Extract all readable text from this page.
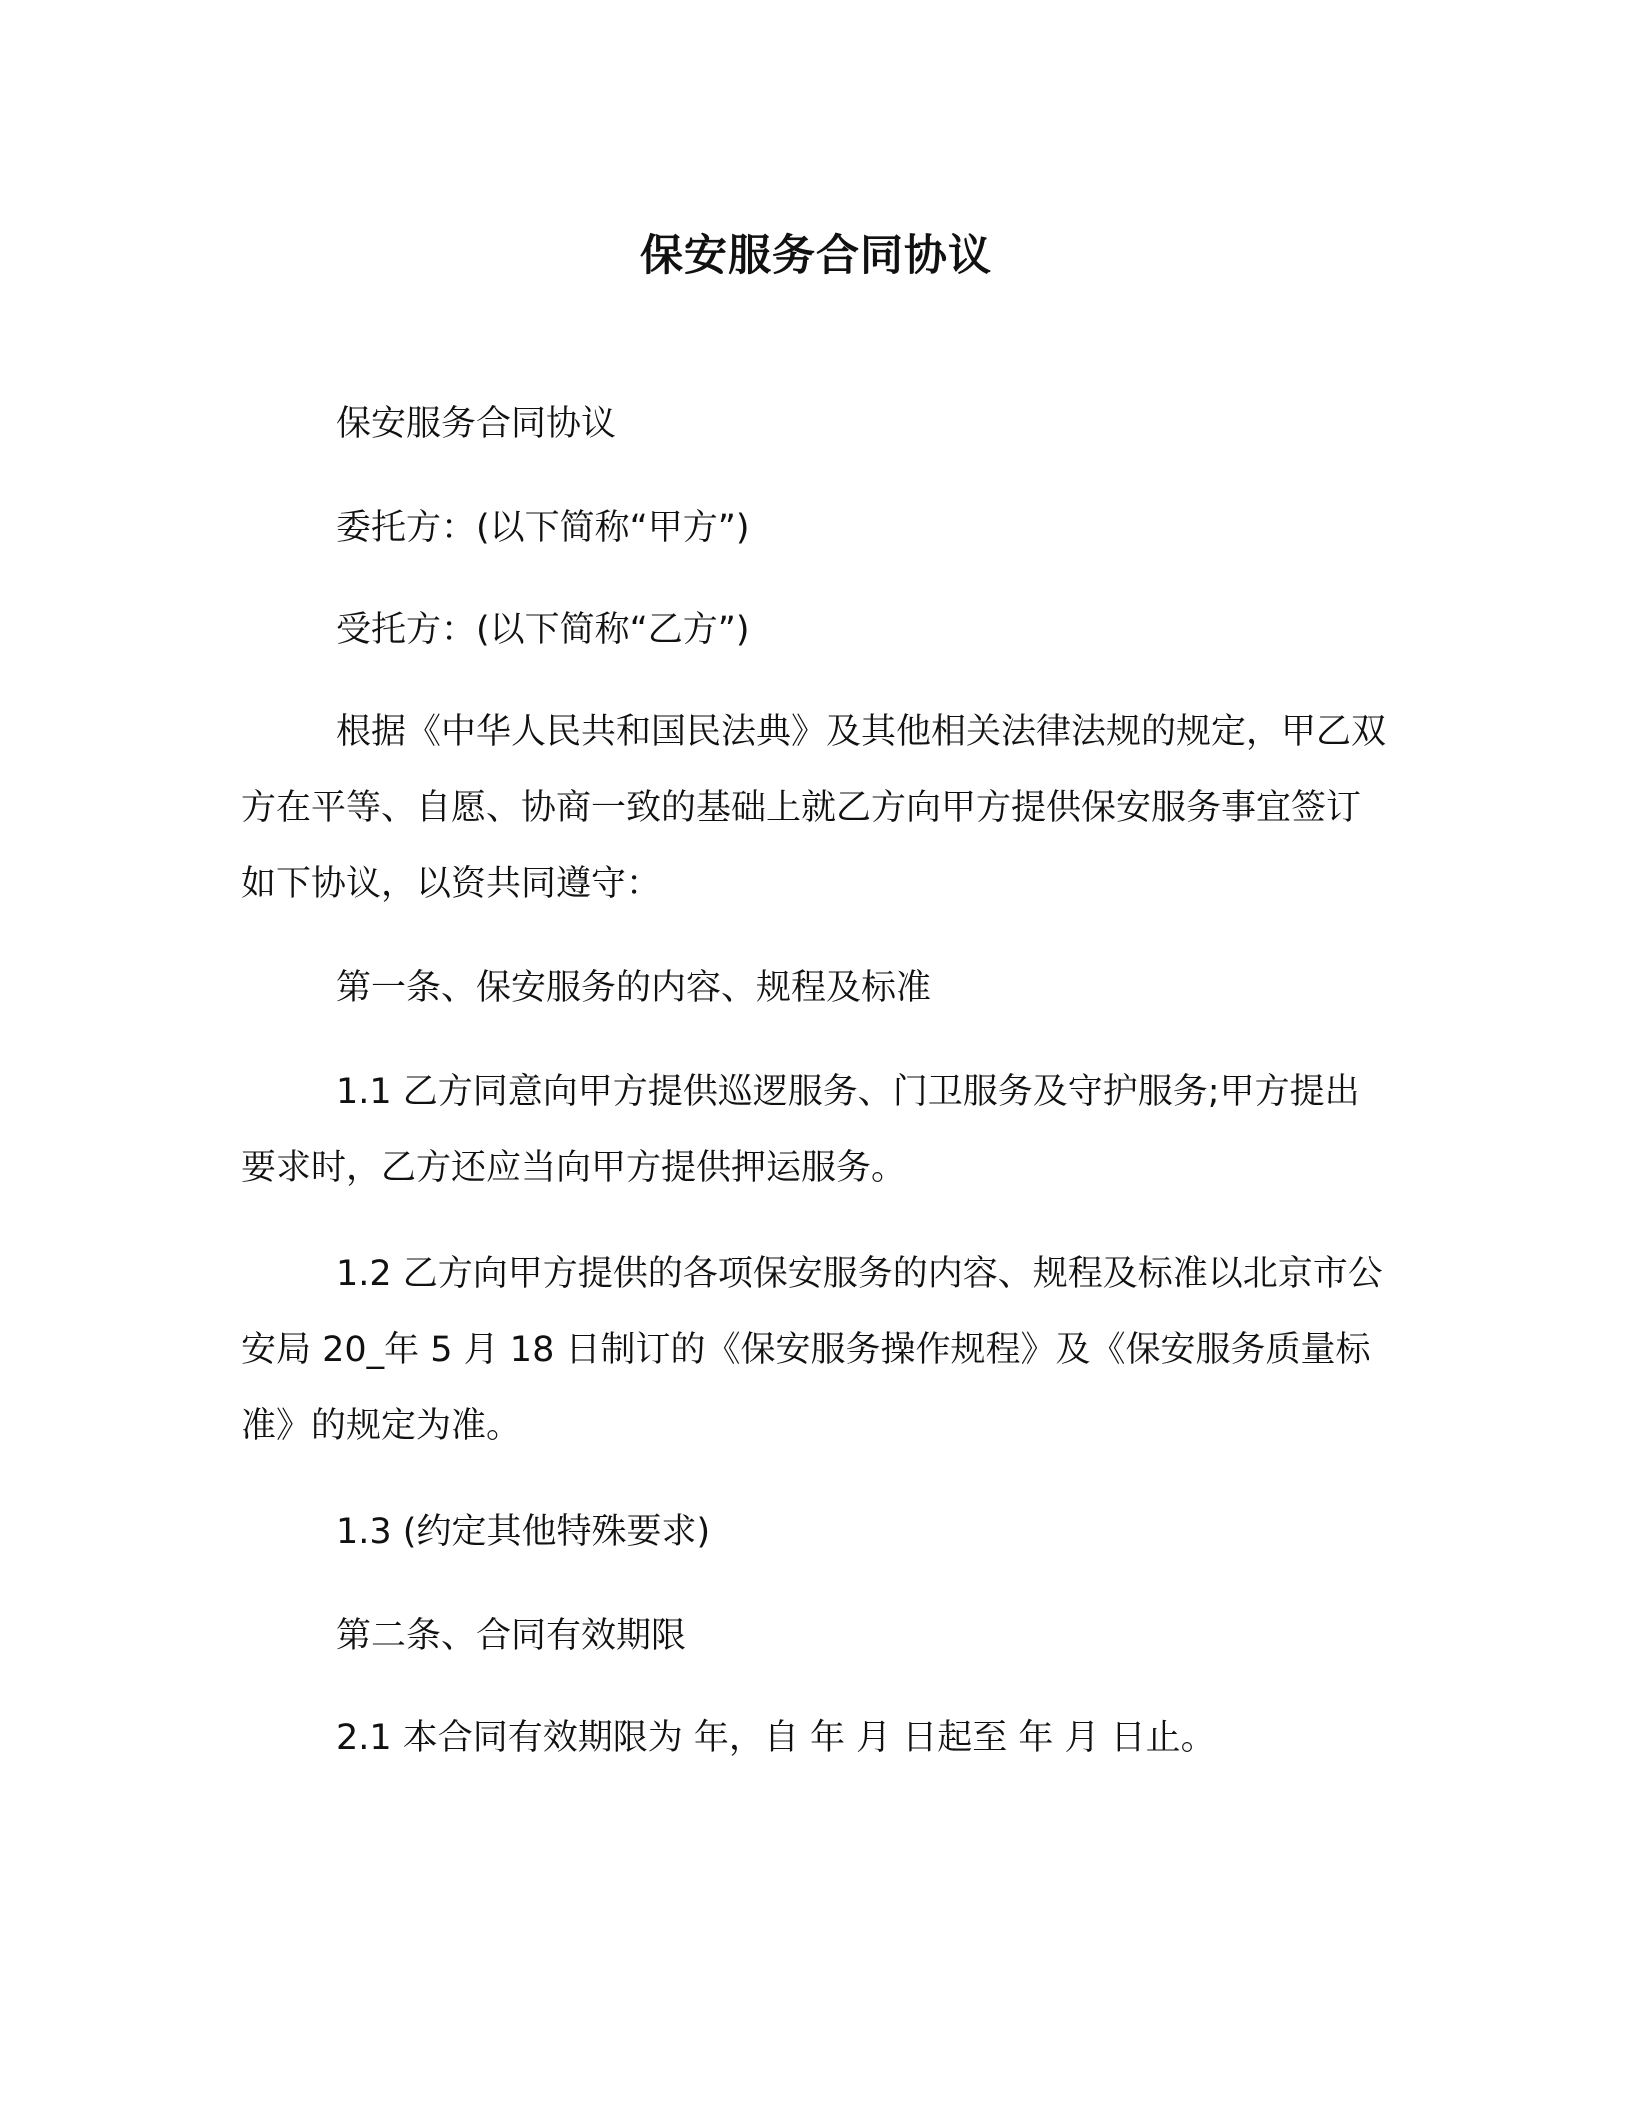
保安服务合同协议

保安服务合同协议

委托方：(以下简称“甲方”)

受托方：(以下简称“乙方”)

根据《中华人民共和国民法典》及其他相关法律法规的规定，甲乙双方在平等、自愿、协商一致的基础上就乙方向甲方提供保安服务事宜签订如下协议，以资共同遵守：

第一条、保安服务的内容、规程及标准

1.1 乙方同意向甲方提供巡逻服务、门卫服务及守护服务;甲方提出要求时，乙方还应当向甲方提供押运服务。

1.2 乙方向甲方提供的各项保安服务的内容、规程及标准以北京市公安局 20_年 5 月 18 日制订的《保安服务操作规程》及《保安服务质量标准》的规定为准。

1.3 (约定其他特殊要求)

第二条、合同有效期限

2.1 本合同有效期限为 年，自 年 月 日起至 年 月 日止。
